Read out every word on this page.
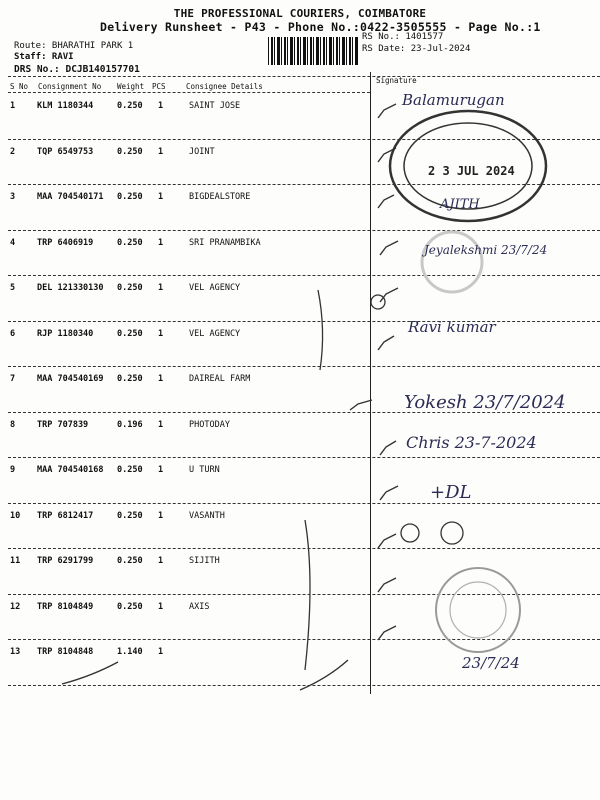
THE PROFESSIONAL COURIERS, COIMBATORE
Delivery Runsheet - P43 - Phone No.:0422-3505555 - Page No.:1
Route: BHARATHI PARK 1
Staff: RAVI
DRS No.: DCJB140157701
RS No.: 1401577
RS Date: 23-Jul-2024
S No Consignment No Weight PCS	Consignee Details
Signature
1	KLM 1180344	0.250 1	SAINT JOSE
2	TQP 6549753	0.250 1	JOINT
3	MAA 704540171 0.250 1	BIGDEALSTORE
4	TRP 6406919	0.250 1	SRI PRANAMBIKA
5	DEL 121330130 0.250 1	VEL AGENCY
6	RJP 1180340	0.250 1	VEL AGENCY
7	MAA 704540169 0.250 1	DAIREAL FARM
8	TRP 707839	0.196 1	PHOTODAY
9	MAA 704540168 0.250 1	U TURN
10 TRP 6812417	0.250 1	VASANTH
11 TRP 6291799	0.250 1	SIJITH
12 TRP 8104849	0.250 1	AXIS
13 TRP 8104848	1.140 1
2 3 JUL 2024
AJITH
Balamurugan
Jeyalekshmi 23/7/24
Ravi kumar
Yokesh 23/7/2024
Chris 23-7-2024
+DL
23/7/24
